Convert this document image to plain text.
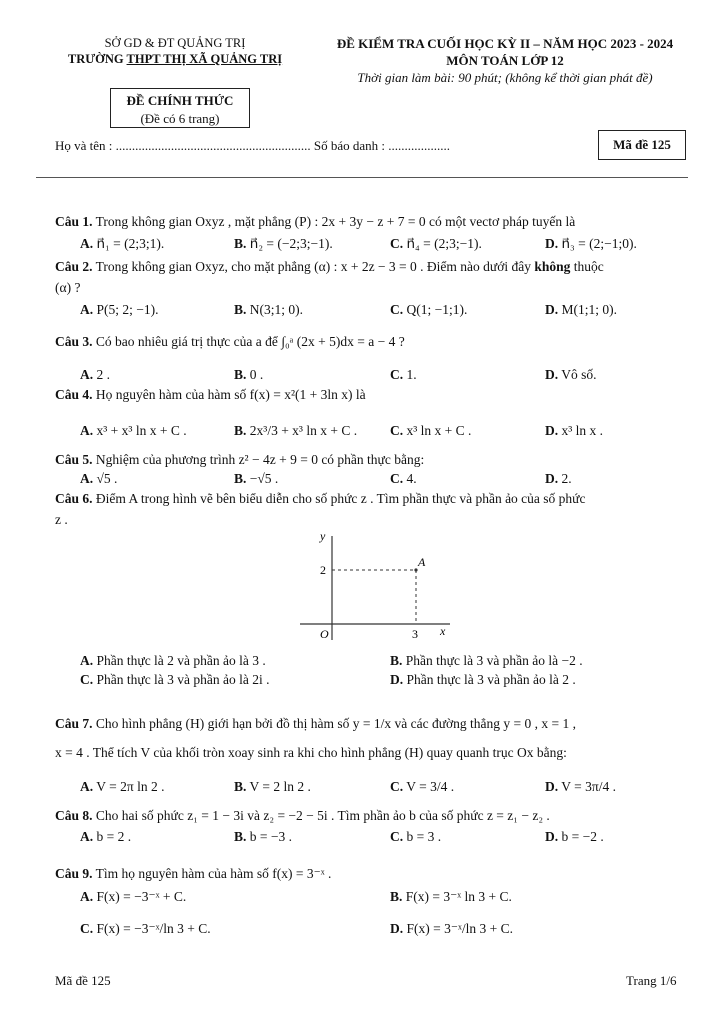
SỞ GD & ĐT QUẢNG TRỊ
TRƯỜNG THPT THỊ XÃ QUẢNG TRỊ
ĐỀ KIỂM TRA CUỐI HỌC KỲ II – NĂM HỌC 2023 - 2024
MÔN TOÁN LỚP 12
Thời gian làm bài: 90 phút; (không kể thời gian phát đề)
ĐỀ CHÍNH THỨC
(Đề có 6 trang)
Họ và tên : ............................................................ Số báo danh : ...................	Mã đề 125
Câu 1. Trong không gian Oxyz , mặt phẳng (P) : 2x + 3y − z + 7 = 0 có một vectơ pháp tuyến là
A. n⃗₁ = (2;3;1).	B. n⃗₂ = (−2;3;−1).	C. n⃗₄ = (2;3;−1).	D. n⃗₃ = (2;−1;0).
Câu 2. Trong không gian Oxyz, cho mặt phẳng (α) : x + 2z − 3 = 0 . Điểm nào dưới đây không thuộc
(α) ?
A. P(5; 2; −1).	B. N(3;1; 0).	C. Q(1; −1;1).	D. M(1;1; 0).
Câu 3. Có bao nhiêu giá trị thực của a để ∫₀ᵃ (2x + 5)dx = a − 4 ?
A. 2 .	B. 0 .	C. 1.	D. Vô số.
Câu 4. Họ nguyên hàm của hàm số f(x) = x²(1 + 3ln x) là
A. x³ + x³ ln x + C .	B. 2x³/3 + x³ ln x + C . C. x³ ln x + C .	D. x³ ln x .
Câu 5. Nghiệm của phương trình z² − 4z + 9 = 0 có phần thực bằng:
A. √5 .	B. −√5 .	C. 4.	D. 2.
Câu 6. Điểm A trong hình vẽ bên biểu diễn cho số phức z . Tìm phần thực và phần ảo của số phức
z .
y
x
O	3
2
A
A. Phần thực là 2 và phần ảo là 3 .	B. Phần thực là 3 và phần ảo là −2 .
C. Phần thực là 3 và phần ảo là 2i .	D. Phần thực là 3 và phần ảo là 2 .
Câu 7. Cho hình phẳng (H) giới hạn bởi đồ thị hàm số y = 1/x và các đường thẳng y = 0 , x = 1 ,
x = 4 . Thể tích V của khối tròn xoay sinh ra khi cho hình phẳng (H) quay quanh trục Ox bằng:
A. V = 2π ln 2 .	B. V = 2 ln 2 .	C. V = 3/4 .	D. V = 3π/4 .
Câu 8. Cho hai số phức z₁ = 1 − 3i và z₂ = −2 − 5i . Tìm phần ảo b của số phức z = z₁ − z₂ .
A. b = 2 .	B. b = −3 .	C. b = 3 .	D. b = −2 .
Câu 9. Tìm họ nguyên hàm của hàm số f(x) = 3⁻ˣ .
A. F(x) = −3⁻ˣ + C.	B. F(x) = 3⁻ˣ ln 3 + C.
C. F(x) = −3⁻ˣ/ln 3 + C.	D. F(x) = 3⁻ˣ/ln 3 + C.
Mã đề 125	Trang 1/6
